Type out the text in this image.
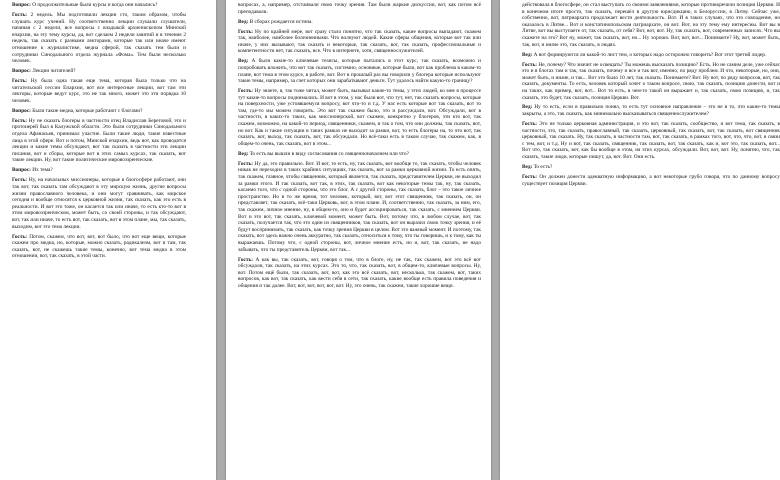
Вопрос: О продолжительные были курсы и когда они начались?

Гость: 2 недель. Мы подготовили лекции сто, таким образом, чтобы слушать курс учений. Ну соответственно лекции слушали слушатели, начиная с 2 недели, все вопросы с владыкой архиепископом Минской епархии, на эту тему курсы, да, вот сделаем 2 недели занятий и в течение 2 недель, так сказать с разными лекторами, которые так или иначе имеют отношение к журналистике, медиа сферой, так сказать тем были и сотрудники Синодального отдела журнала «Фома». Тем были несколько человек.

Вопрос: Лекции читателей?

Гость: Ну была одна такая еще тема, которая была только что на читательской сессии Епархии, вот все интересные лекции, вот там эти лекторы, которые ведут курс, это не так много, может это эти порядка 10 человек.

Вопрос: Были такие медиа, которые работают с блогами?

Гость: Ну не сказать блогеры в частности отец Владислав Береговой, это и протоиерей был в Калужской области. Это были сотрудники Синодального отдела Афанасьев, принимал участие. Были такие люди, такие известные лица в этой сфере. Вот и потом, Минской епархии, ведь вот, как проводятся лекции и какие темы обсуждают, вот так сказать в частности эти лекции писания, вот и сборы, которые вот в этих самых курсах, так сказать, вот такие лекции. Ну, вот такие политические мировоззренческие.

Вопрос: Их тема?

Гость: Ну, на начальных миссионеры, которые в блогосфере работают, они так вот, так сказать там обсуждают в эту мирскую жизнь, другие вопросы жизни православного человека, и они могут сравнивать, как мирское сегодня и вообще относятся к церковной жизни, так сказать, как это есть в реальности. И вот это тоже, он касается так или иначе, то есть кто-то вот в этом мировоззренческом, может быть, со своей стороны, и так обсуждают, вот, так или иначе, то есть вот, так сказать, вот в этом плане, мы, так сказать, выходим, вот это тема лекции.

Гость: Потом, скажем, что вот, вот, вот было, что вот еще вещи, которые скажем про медиа, но, которые, можно сказать, радикализм, вот и там, так сказать, вот, не скажешь такие темы, конечно, вот тема медиа в этом отношении, вот, так сказать, в этой части.

вопросах, а, например, отстаивали свою точку зрения. Там были жаркие дискуссии, вот, как потом всё преподавали.

Вед: В сборах рождается истина.

Гость: Ну по крайней мере, вот сразу стало понятно, что так сказать, какие вопросы выпадают, скажем так, наиболее, наиболее болезненными. Что волнуют людей. Какие сферы общения, которые вот так или иначе, у них вызывают, так сказать и некоторые, так сказать, вот, так сказать, профессиональные и компетентности нет, так сказать, все. Что в интернете, хотя, священнослужителей.

Вед: А были какие-то ключевые тезисы, которые пытались в этот курс, так сказать, возможно и попробовать вложить, что вот так сказать, системно, основные, которые были, вот как проблема в каком-то плане, вот тема в этом курсе, в работе, вот. Вот в прошлый раз вы говорили у блогера которые используют такие темы, например, за счет которых они зарабатывают деньги. Тут удалось найти какую-то границу?

Гость: Ну знаете, я, так тоже читал, может быть, вызывал какие-то темы, у этих людей, ко мне в процессе тут какие-то вопросы поднимались. И вот в этом, у нас были вот, что тут, нет, так сказать вопросы, которые на поверхности, уже устоявшемуся вопросу, вот что-то и т.д. У нас есть которые вот так сказать, вот то там, где-то мы можем говорить. Это вот так скажем было, это и рассуждали, вот. Обсуждали, вот в частности, в каких-то таких, как миссионерской, вот скажем, конкретно у блогеров, эти кто вот, так скажем, возможно, на какой-то период, священники, скажем, и так о том, что они должны, так сказать, вот, но вот. Как и такие ситуации в таких рамках не выходит за рамки, вот, то есть блогеры на, то что вот, так сказать, вот, выход, так сказать, вот, так обсуждали. Но всё-таки есть в таком случае, так скажем, как, в общем-то очень, так сказать, вот в этом...

Вед: То есть вы вышли в виду согласования со священноначалием или что?

Гость: Ну да, это правильно. Вот. И вот, то есть, ну, так сказать, вот вообще то, так сказать, чтобы человек никак не переходил в таких крайних ситуациях, так сказать, вот за рамки церковной жизни. То есть опять, так скажем, главное, чтобы священник, который является, так сказать, представителем Церкви, не выходил за рамки этого. И так сказать, вот так, в этих, так сказать, вот как некоторые темы так, ну, так сказать, касаемо того, что с одной стороны, что это блог. А с другой стороны, так сказать, блог – это такое личное пространство. Но в то же время, тот человек, который, вот, вот этот священник, так сказать, он, он представляет, так сказать, всё-таки Церковь, вот, в этом плане. И, соответственно, так сказать, за ним, его, так скажем, личное мнение, ну, в общем-то, оно и будет ассоциироваться, так сказать, с мнением Церкви. Вот и это вот, так сказать, ключевой момент, может быть. Вот, потому что, в любом случае, вот, так сказать, получается так, что это один из священников, так сказать, вот он выразил свою точку зрения, и её будут воспринимать, так сказать, как точку зрения Церкви в целом. Вот это важный момент. И поэтому, так сказать, вот здесь важно очень аккуратно, так сказать, относиться к тому, что ты говоришь, и к тому, как ты выражаешь. Потому что, с одной стороны, вот, личное мнение есть, но и, вот, так сказать, не надо забывать, что ты представитель Церкви, вот так...

Гость: А как вы, так сказать, вот, говоря о том, что в блоге, ну, не так, так скажем, вот это всё вот обсуждали, так сказать, на этих курсах. Это то, что, так сказать, вот, в общем-то, ключевые вопросы. Ну, вот. Потом ещё были, так сказать, вот, вот, как это всё сказать, вот, несколько, так скажем, вот, таких вопросов, как вот, так сказать, как вести себя в сети, так сказать, какие вообще есть правила поведения и общения и так далее. Вот, вот, вот, вот, вот, вот. Ну, это очень, так скажем, такие хорошие вещи.

действовала в блогосфере, он стал выступать со своими заявлениями, которые противоречили позиции Церкви. И в конечном итоге просто, так сказать, перешёл в другую юрисдикцию, в Белоруссии, в Литву. Сейчас уже, собственно, вот, патриархата продолжает вести деятельность. Вот. И в таких случаях, что это совпадение, но оказалось в Литве... Вот и констатинопольском патриархате, он вот. Вот, на эту тему ему интересны. Вот вы в Литве, вот вы выступаете от, так сказать, от себя? Вот, вот, вот. Ну, так сказать, вот, современных записях. Что вы скажете на это? Вот ну, может, так сказать, вот, но... Ну хорошо. Вот, вот, вот... Понимаете? Ну, вот, может быть, так, вот, и иначе это, так сказать, в людях.

Вед: А вот формируются ли какой-то лист тем, о которых надо осторожно говорить? Вот этот третий лидер.

Гость: Не, почему? Что значит не освещать? Ты можешь высказать позицию? Есть. Но не самим деле, уже сейчас это и в блогах там и так, так сказать, почему и все и так вот, именно, по ряду проблем. И что, некоторые, но, они, может быть, и иначе, и так... Вот это было 10 лет, так сказать. Понимаете? Вот. Ну вот, по ряду вопросов, вот, так сказать, документы. То есть, человек который хочет о таком вопросе, свою, так сказать, позицию донести, вот и на таких, как пример, вот, вот... Вот то есть, в чем-то такой он выражает и, так сказать, свою позицию, и, так сказать, это будет, так сказать, позиция Церкви. Вот.

Вед: Ну то есть, если в правильно понял, то есть тут основное направление – это не в то, что какие-то темы закрыты, а это, так сказать, как минимально высказываться священнослужителем?

Гость: Это не только церковная администрация, и это вот, так сказать, сообщество, и вот тема, так сказать, в частности, это, так сказать, православный, так сказать, церковный, так сказать, вот, так сказать, вот священник церковный, так сказать. Ну, так сказать, в частности там, вот, так сказать, в рамках того, вот, что, что, вот, в связи с тем, вот, и т.д. Ну и вот, так сказать, священник, так сказать, вот, так сказать, как и, вот это, так сказать, вот... Вот что, так сказать, вот, как бы вообще в этом, на этих курсах, обсуждали. Вот, вот, вот. Ну, понятно, что, так сказать, такие люди, которые пишут, да, вот. Вот. Они есть.

Вед: То есть?

Гость: Он должен донести адекватную информацию, а вот некоторые грубо говоря, что по данному вопросу существует позиция Церкви.
